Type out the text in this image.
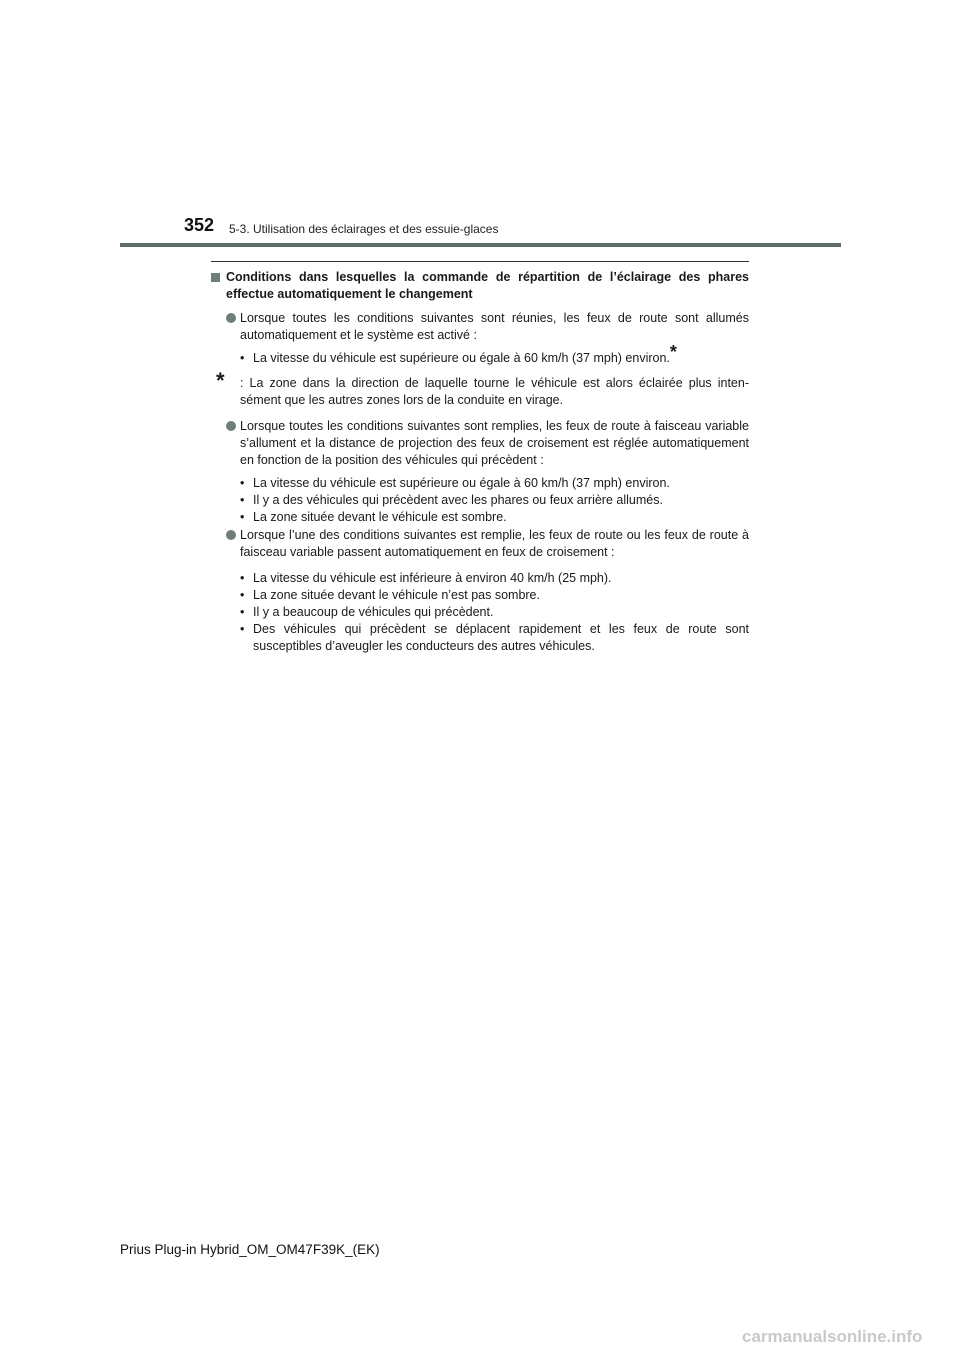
352 5-3. Utilisation des éclairages et des essuie-glaces
Conditions dans lesquelles la commande de répartition de l’éclairage des phares effectue automatiquement le changement
Lorsque toutes les conditions suivantes sont réunies, les feux de route sont allumés automatiquement et le système est activé :
• La vitesse du véhicule est supérieure ou égale à 60 km/h (37 mph) environ.*
* : La zone dans la direction de laquelle tourne le véhicule est alors éclairée plus inten- sément que les autres zones lors de la conduite en virage.
Lorsque toutes les conditions suivantes sont remplies, les feux de route à faisceau variable s’allument et la distance de projection des feux de croisement est réglée automatiquement en fonction de la position des véhicules qui précèdent :
• La vitesse du véhicule est supérieure ou égale à 60 km/h (37 mph) environ.
• Il y a des véhicules qui précèdent avec les phares ou feux arrière allumés.
• La zone située devant le véhicule est sombre.
Lorsque l’une des conditions suivantes est remplie, les feux de route ou les feux de route à faisceau variable passent automatiquement en feux de croisement :
• La vitesse du véhicule est inférieure à environ 40 km/h (25 mph).
• La zone située devant le véhicule n’est pas sombre.
• Il y a beaucoup de véhicules qui précèdent.
• Des véhicules qui précèdent se déplacent rapidement et les feux de route sont susceptibles d’aveugler les conducteurs des autres véhicules.
Prius Plug-in Hybrid_OM_OM47F39K_(EK)
carmanualsonline.info
